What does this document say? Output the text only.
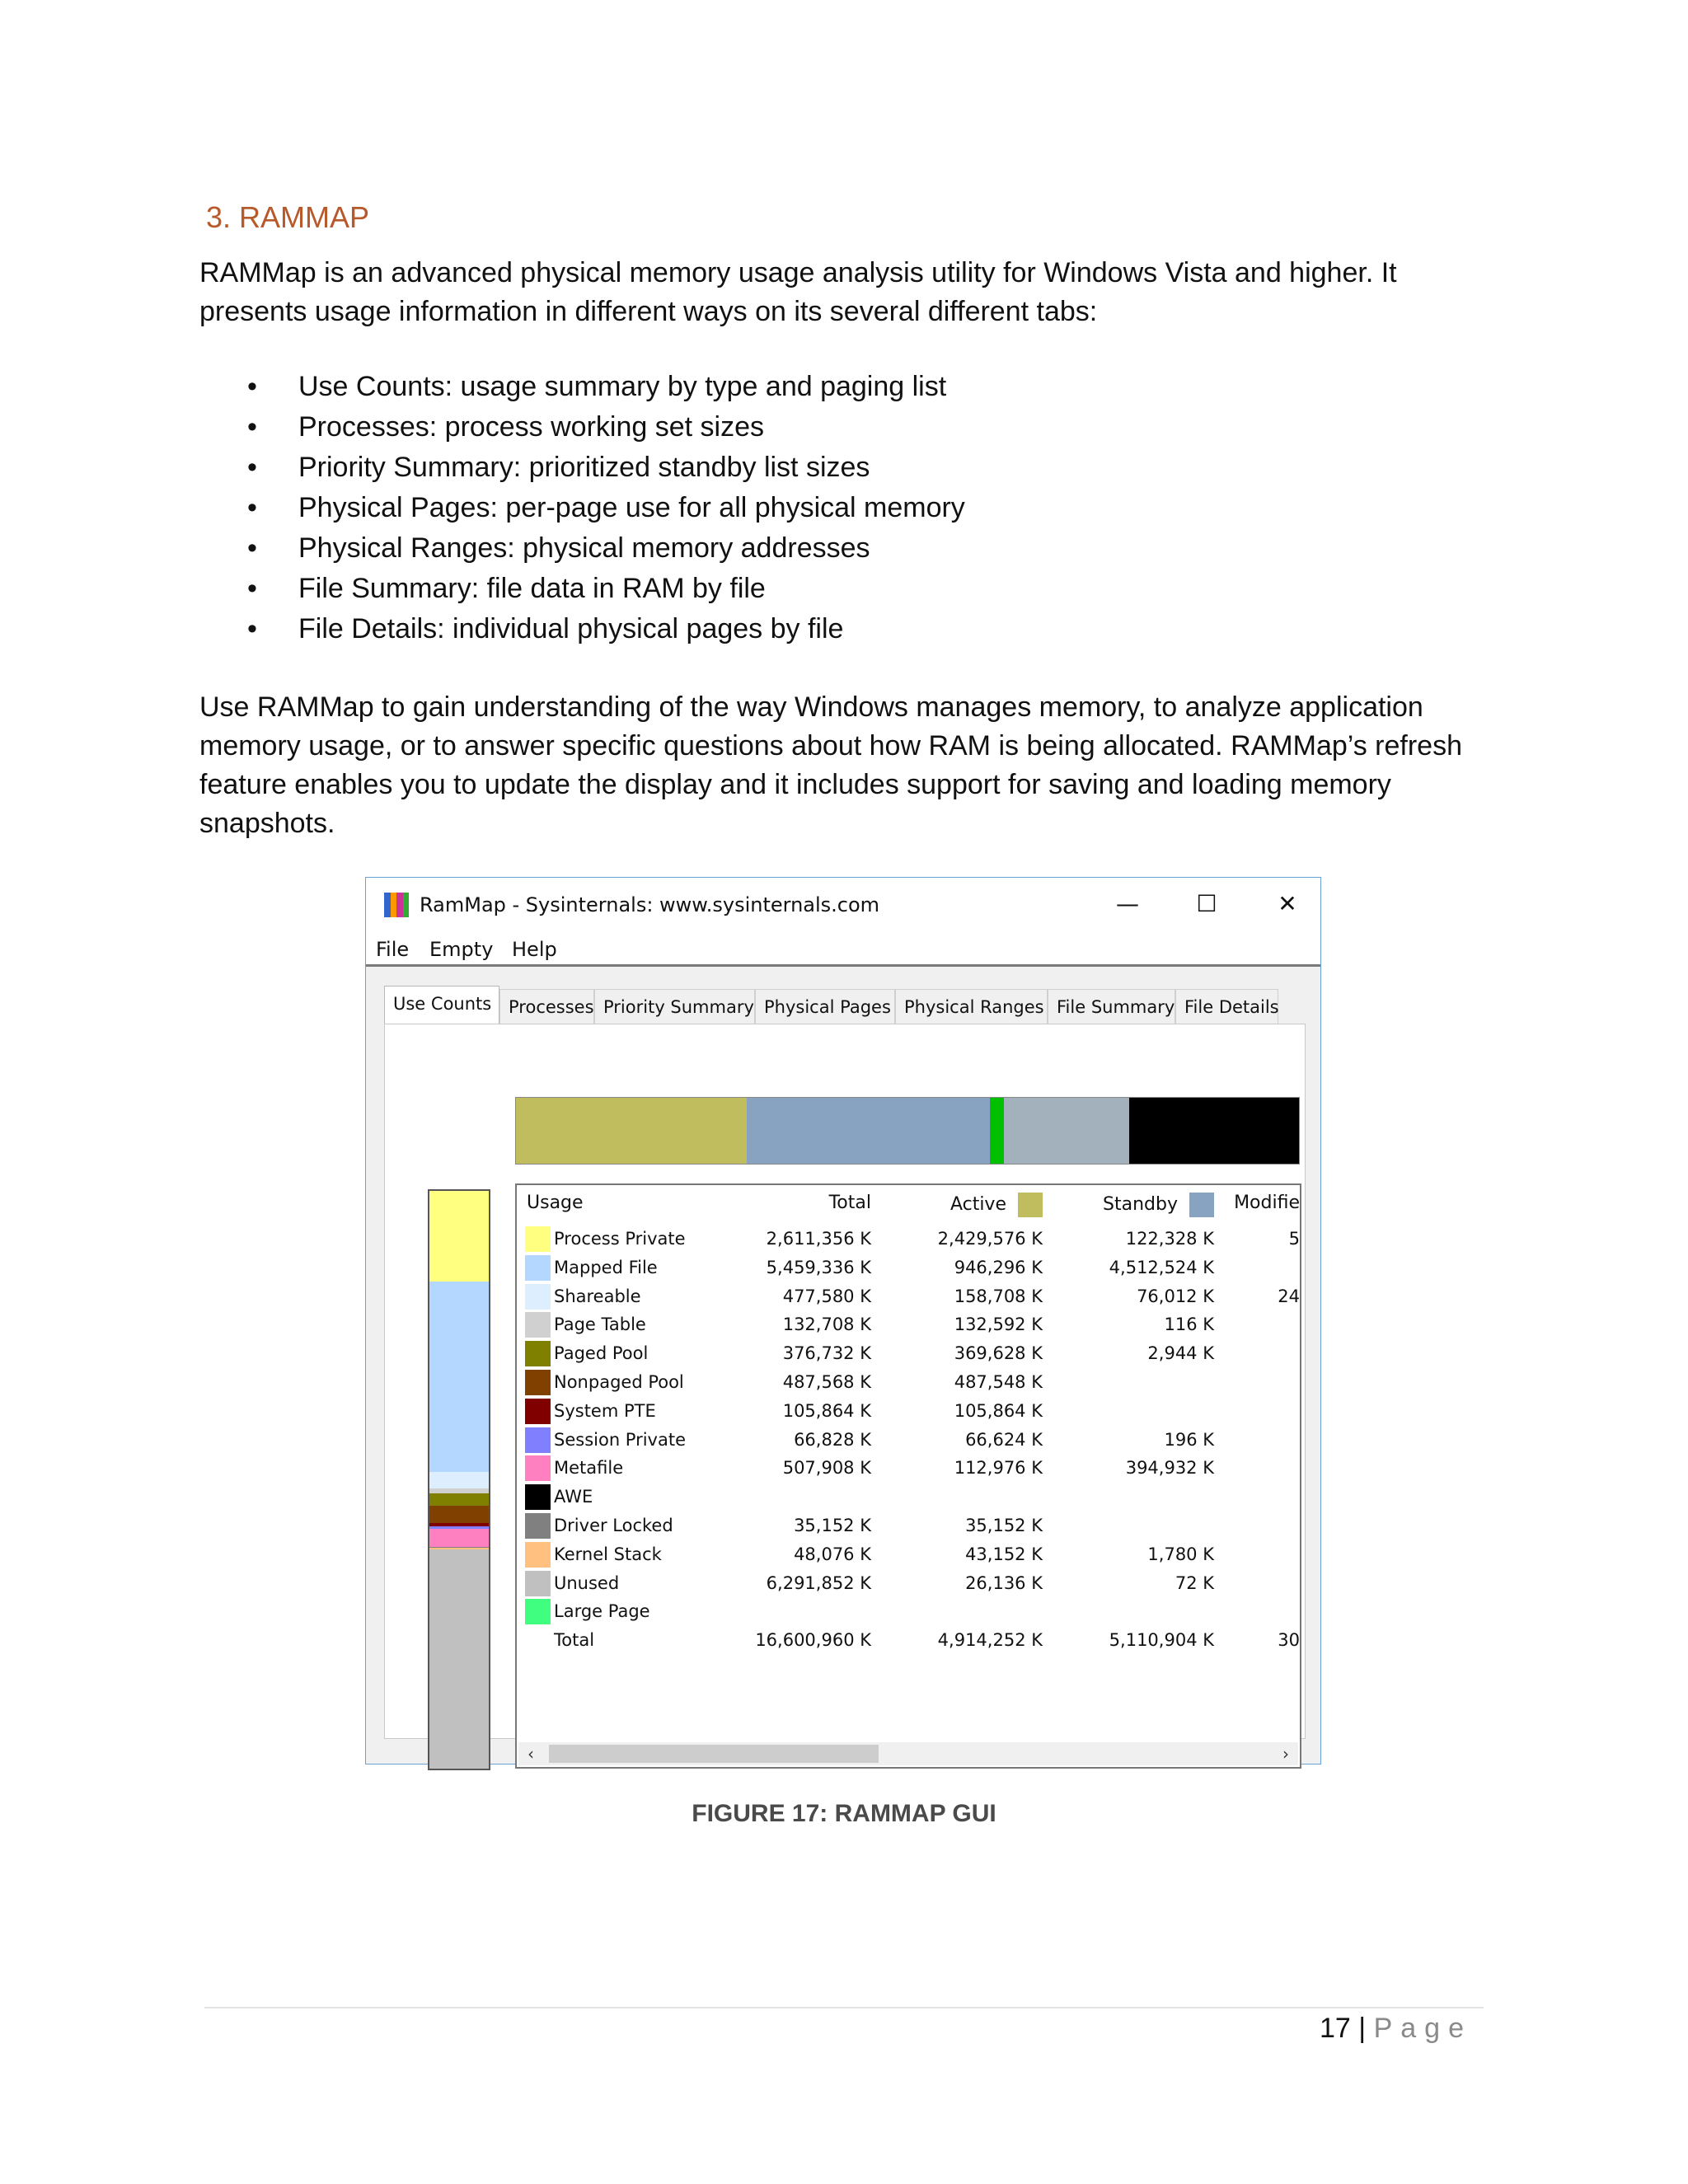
3. RAMMAP

RAMMap is an advanced physical memory usage analysis utility for Windows Vista and higher. It presents usage information in different ways on its several different tabs:

• Use Counts: usage summary by type and paging list
• Processes: process working set sizes
• Priority Summary: prioritized standby list sizes
• Physical Pages: per-page use for all physical memory
• Physical Ranges: physical memory addresses
• File Summary: file data in RAM by file
• File Details: individual physical pages by file

Use RAMMap to gain understanding of the way Windows manages memory, to analyze application memory usage, or to answer specific questions about how RAM is being allocated. RAMMap’s refresh feature enables you to update the display and it includes support for saving and loading memory snapshots.

RamMap - Sysinternals: www.sysinternals.com	— ☐	✕
File Empty Help
Use Counts Processes Priority Summary Physical Pages Physical Ranges File Summary File Details
Usage	Total	Active	Standby	Modifie
Process Private	2,611,356 K	2,429,576 K	122,328 K	5
Mapped File	5,459,336 K	946,296 K	4,512,524 K
Shareable	477,580 K	158,708 K	76,012 K	24
Page Table	132,708 K	132,592 K	116 K
Paged Pool	376,732 K	369,628 K	2,944 K
Nonpaged Pool	487,568 K	487,548 K
System PTE	105,864 K	105,864 K
Session Private	66,828 K	66,624 K	196 K
Metafile	507,908 K	112,976 K	394,932 K
AWE
Driver Locked	35,152 K	35,152 K
Kernel Stack	48,076 K	43,152 K	1,780 K
Unused	6,291,852 K	26,136 K	72 K
Large Page
Total	16,600,960 K	4,914,252 K	5,110,904 K	30
‹	›
FIGURE 17: RAMMAP GUI
17 | Page
